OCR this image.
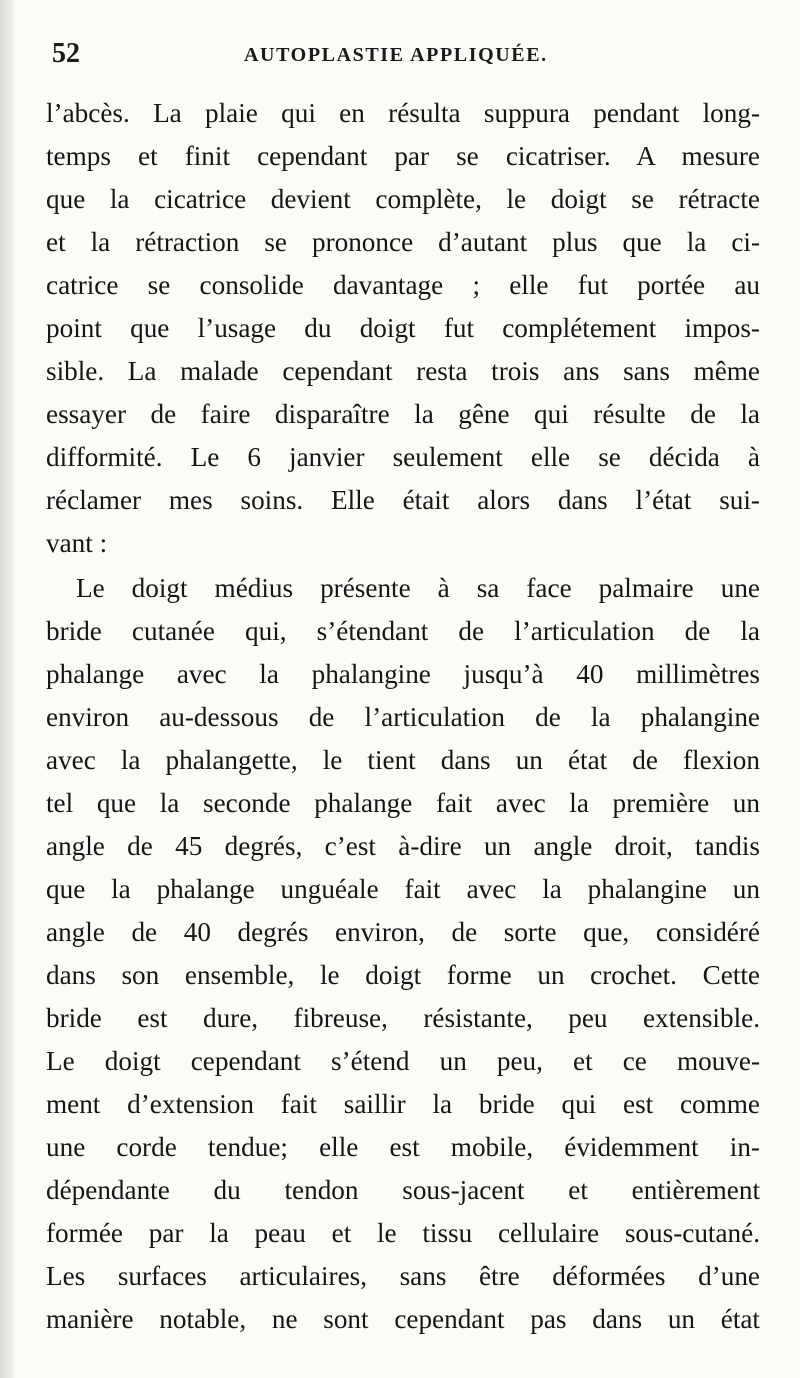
52	AUTOPLASTIE APPLIQUÉE.
l’abcès. La plaie qui en résulta suppura pendant long-
temps et finit cependant par se cicatriser. A mesure
que la cicatrice devient complète, le doigt se rétracte
et la rétraction se prononce d’autant plus que la ci-
catrice se consolide davantage ; elle fut portée au
point que l’usage du doigt fut complétement impos-
sible. La malade cependant resta trois ans sans même
essayer de faire disparaître la gêne qui résulte de la
difformité. Le 6 janvier seulement elle se décida à
réclamer mes soins. Elle était alors dans l’état sui-
vant :
Le doigt médius présente à sa face palmaire une
bride cutanée qui, s’étendant de l’articulation de la
phalange avec la phalangine jusqu’à 40 millimètres
environ au-dessous de l’articulation de la phalangine
avec la phalangette, le tient dans un état de flexion
tel que la seconde phalange fait avec la première un
angle de 45 degrés, c’est à-dire un angle droit, tandis
que la phalange unguéale fait avec la phalangine un
angle de 40 degrés environ, de sorte que, considéré
dans son ensemble, le doigt forme un crochet. Cette
bride est dure, fibreuse, résistante, peu extensible.
Le doigt cependant s’étend un peu, et ce mouve-
ment d’extension fait saillir la bride qui est comme
une corde tendue; elle est mobile, évidemment in-
dépendante du tendon sous-jacent et entièrement
formée par la peau et le tissu cellulaire sous-cutané.
Les surfaces articulaires, sans être déformées d’une
manière notable, ne sont cependant pas dans un état
